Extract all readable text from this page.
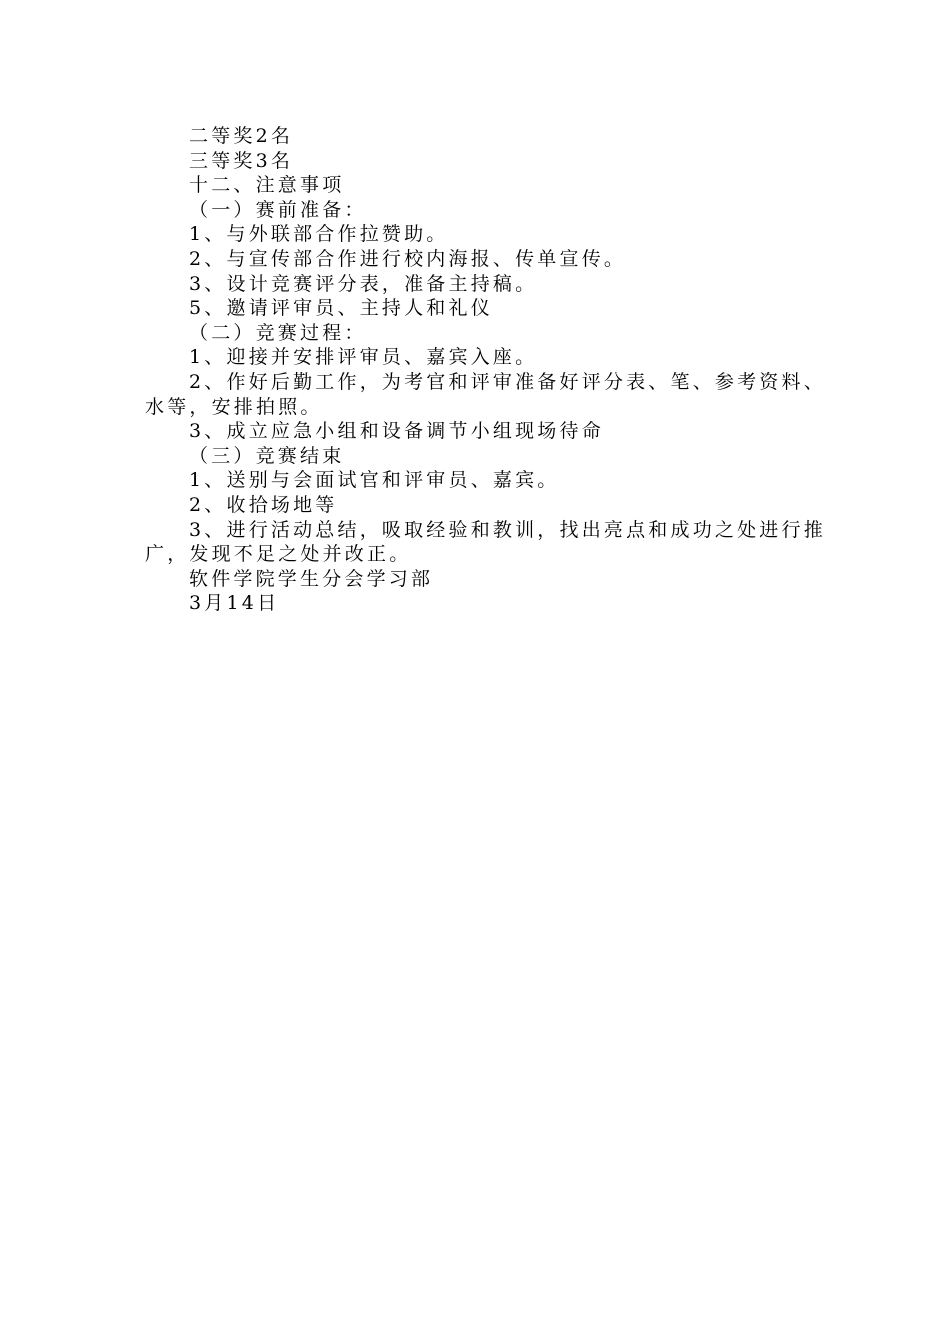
二等奖2名

三等奖3名

十二、注意事项

（一）赛前准备：

1、与外联部合作拉赞助。

2、与宣传部合作进行校内海报、传单宣传。

3、设计竞赛评分表，准备主持稿。

5、邀请评审员、主持人和礼仪

（二）竞赛过程：

1、迎接并安排评审员、嘉宾入座。

2、作好后勤工作，为考官和评审准备好评分表、笔、参考资料、水等，安排拍照。

3、成立应急小组和设备调节小组现场待命

（三）竞赛结束

1、送别与会面试官和评审员、嘉宾。

2、收拾场地等

3、进行活动总结，吸取经验和教训，找出亮点和成功之处进行推广，发现不足之处并改正。

软件学院学生分会学习部

3月14日
